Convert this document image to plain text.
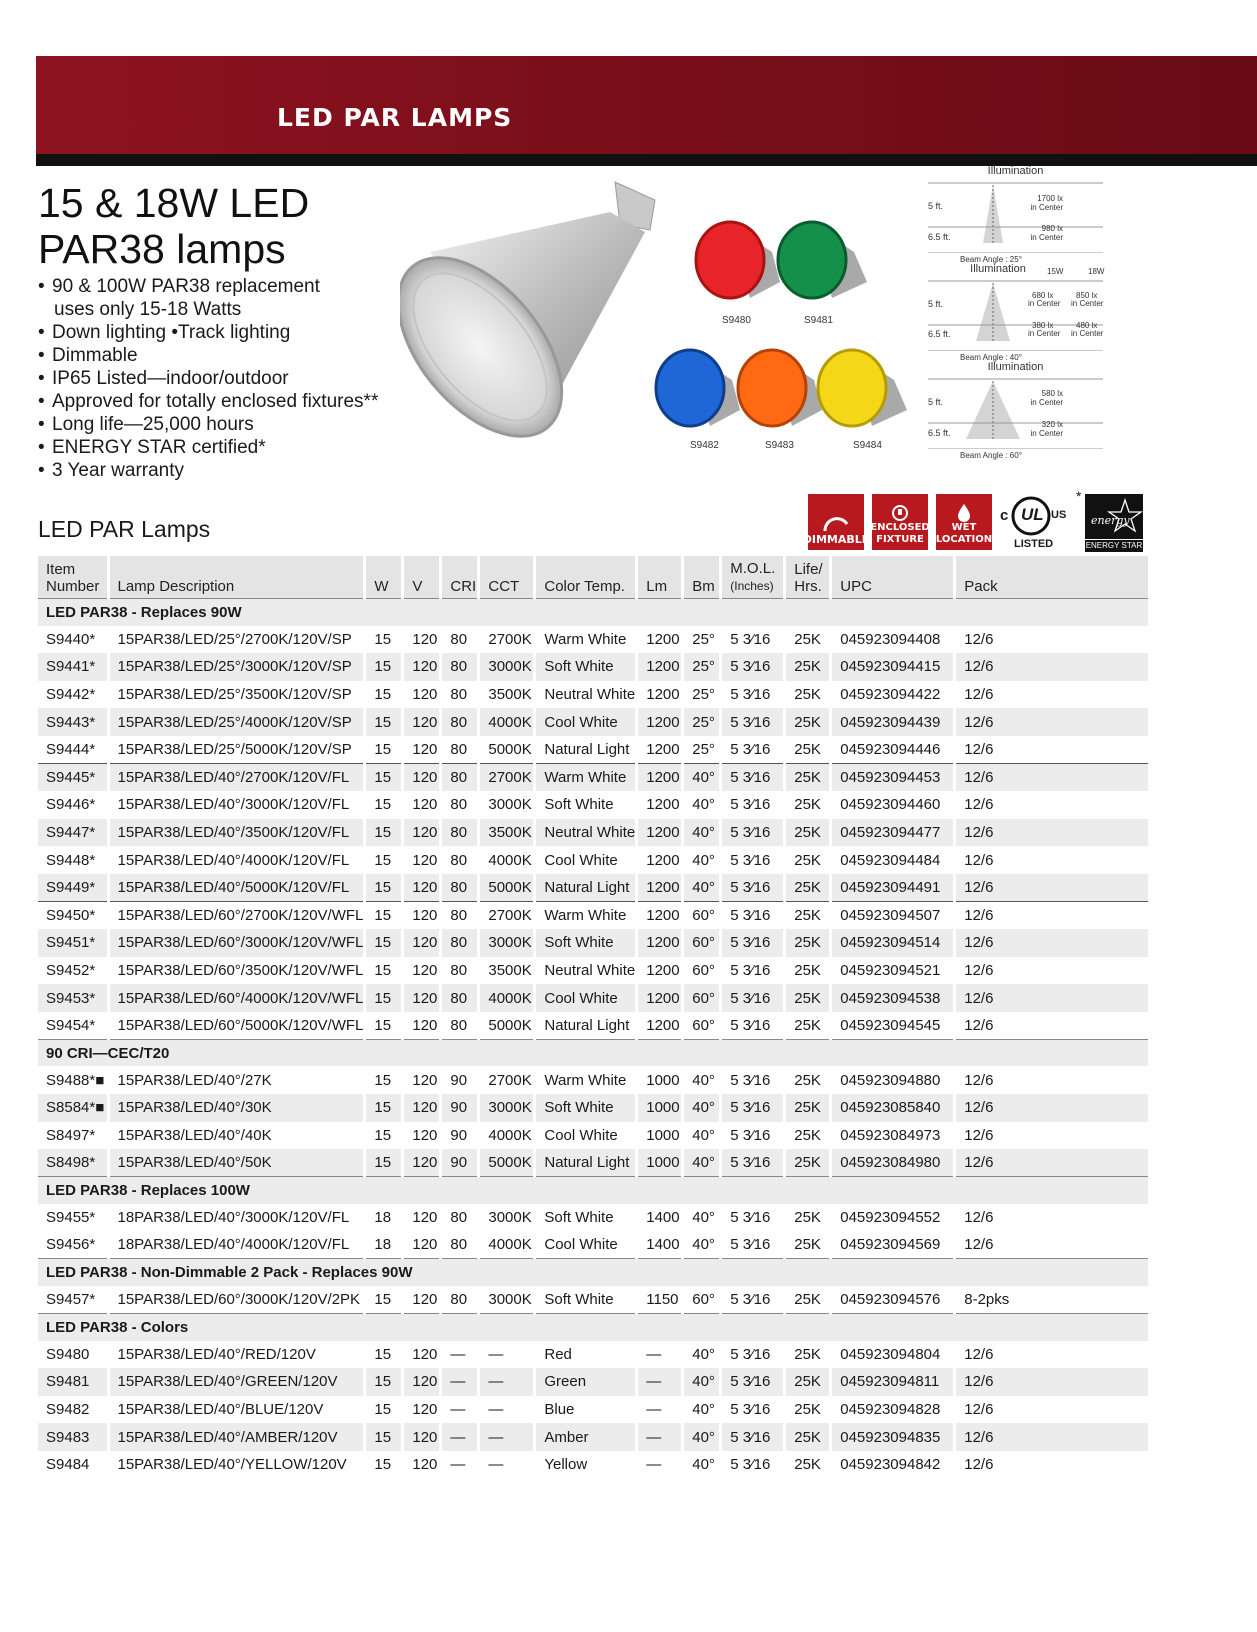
LED PAR LAMPS
15 & 18W LED
PAR38 lamps
• 90 & 100W PAR38 replacement
uses only 15-18 Watts
• Down lighting •Track lighting
• Dimmable
• IP65 Listed—indoor/outdoor
• Approved for totally enclosed fixtures**
• Long life—25,000 hours
• ENERGY STAR certified*
• 3 Year warranty
S9480	S9481
S9482	S9483	S9484
Illumination
5 ft.
1700 lx
in Center
6.5 ft.
980 lx
in Center
Beam Angle : 25°
Illumination	15W	18W
5 ft.
680 lx
in Center
850 lx
in Center
6.5 ft.
380 lx
in Center
480 lx
in Center
Beam Angle : 40°
Illumination
5 ft.
580 lx
in Center
6.5 ft.
320 lx
in Center
Beam Angle : 60°
DIMMABLE
ENCLOSED
FIXTURE
WET
LOCATION
c UL US
LISTED
*
energy
ENERGY STAR
LED PAR Lamps
Item
Number	Lamp Description	W	V	CRI	CCT	Color Temp.	Lm	Bm	M.O.L.
(Inches)	Life/
Hrs.	UPC	Pack
LED PAR38 - Replaces 90W												
S9440*	15PAR38/LED/25°/2700K/120V/SP	15	120	80	2700K	Warm White	1200	25°	5 3⁄16	25K	045923094408	12/6
S9441*	15PAR38/LED/25°/3000K/120V/SP	15	120	80	3000K	Soft White	1200	25°	5 3⁄16	25K	045923094415	12/6
S9442*	15PAR38/LED/25°/3500K/120V/SP	15	120	80	3500K	Neutral White	1200	25°	5 3⁄16	25K	045923094422	12/6
S9443*	15PAR38/LED/25°/4000K/120V/SP	15	120	80	4000K	Cool White	1200	25°	5 3⁄16	25K	045923094439	12/6
S9444*	15PAR38/LED/25°/5000K/120V/SP	15	120	80	5000K	Natural Light	1200	25°	5 3⁄16	25K	045923094446	12/6
S9445*	15PAR38/LED/40°/2700K/120V/FL	15	120	80	2700K	Warm White	1200	40°	5 3⁄16	25K	045923094453	12/6
S9446*	15PAR38/LED/40°/3000K/120V/FL	15	120	80	3000K	Soft White	1200	40°	5 3⁄16	25K	045923094460	12/6
S9447*	15PAR38/LED/40°/3500K/120V/FL	15	120	80	3500K	Neutral White	1200	40°	5 3⁄16	25K	045923094477	12/6
S9448*	15PAR38/LED/40°/4000K/120V/FL	15	120	80	4000K	Cool White	1200	40°	5 3⁄16	25K	045923094484	12/6
S9449*	15PAR38/LED/40°/5000K/120V/FL	15	120	80	5000K	Natural Light	1200	40°	5 3⁄16	25K	045923094491	12/6
S9450*	15PAR38/LED/60°/2700K/120V/WFL	15	120	80	2700K	Warm White	1200	60°	5 3⁄16	25K	045923094507	12/6
S9451*	15PAR38/LED/60°/3000K/120V/WFL	15	120	80	3000K	Soft White	1200	60°	5 3⁄16	25K	045923094514	12/6
S9452*	15PAR38/LED/60°/3500K/120V/WFL	15	120	80	3500K	Neutral White	1200	60°	5 3⁄16	25K	045923094521	12/6
S9453*	15PAR38/LED/60°/4000K/120V/WFL	15	120	80	4000K	Cool White	1200	60°	5 3⁄16	25K	045923094538	12/6
S9454*	15PAR38/LED/60°/5000K/120V/WFL	15	120	80	5000K	Natural Light	1200	60°	5 3⁄16	25K	045923094545	12/6
90 CRI—CEC/T20												
S9488*■	15PAR38/LED/40°/27K	15	120	90	2700K	Warm White	1000	40°	5 3⁄16	25K	045923094880	12/6
S8584*■	15PAR38/LED/40°/30K	15	120	90	3000K	Soft White	1000	40°	5 3⁄16	25K	045923085840	12/6
S8497*	15PAR38/LED/40°/40K	15	120	90	4000K	Cool White	1000	40°	5 3⁄16	25K	045923084973	12/6
S8498*	15PAR38/LED/40°/50K	15	120	90	5000K	Natural Light	1000	40°	5 3⁄16	25K	045923084980	12/6
LED PAR38 - Replaces 100W												
S9455*	18PAR38/LED/40°/3000K/120V/FL	18	120	80	3000K	Soft White	1400	40°	5 3⁄16	25K	045923094552	12/6
S9456*	18PAR38/LED/40°/4000K/120V/FL	18	120	80	4000K	Cool White	1400	40°	5 3⁄16	25K	045923094569	12/6
LED PAR38 - Non-Dimmable 2 Pack - Replaces 90W												
S9457*	15PAR38/LED/60°/3000K/120V/2PK	15	120	80	3000K	Soft White	1150	60°	5 3⁄16	25K	045923094576	8-2pks
LED PAR38 - Colors												
S9480	15PAR38/LED/40°/RED/120V	15	120	—	—	Red	—	40°	5 3⁄16	25K	045923094804	12/6
S9481	15PAR38/LED/40°/GREEN/120V	15	120	—	—	Green	—	40°	5 3⁄16	25K	045923094811	12/6
S9482	15PAR38/LED/40°/BLUE/120V	15	120	—	—	Blue	—	40°	5 3⁄16	25K	045923094828	12/6
S9483	15PAR38/LED/40°/AMBER/120V	15	120	—	—	Amber	—	40°	5 3⁄16	25K	045923094835	12/6
S9484	15PAR38/LED/40°/YELLOW/120V	15	120	—	—	Yellow	—	40°	5 3⁄16	25K	045923094842	12/6
